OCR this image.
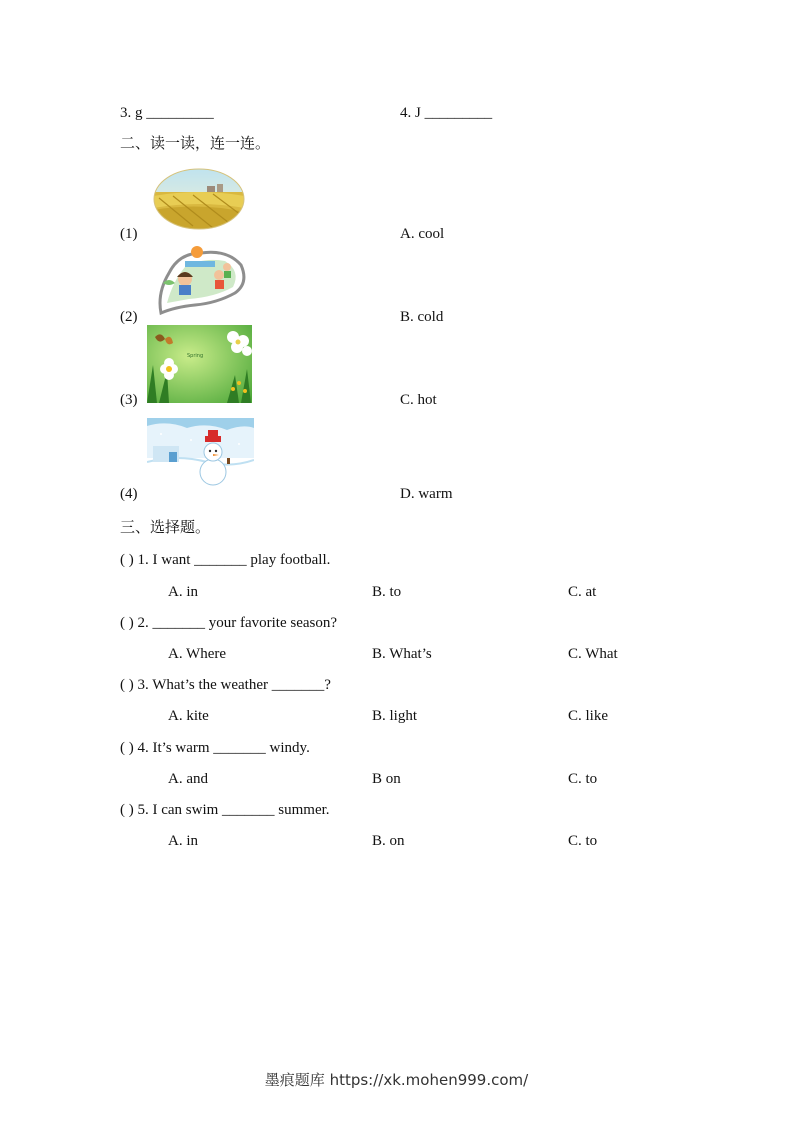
3. g _________	4. J _________
二、读一读，连一连。
(1)	A. cool
(2)	B. cold
Spring
(3)	C. hot
(4)	D. warm
三、选择题。
( ) 1. I want _______ play football.
A. in	B. to	C. at
( ) 2. _______ your favorite season?
A. Where	B. What’s	C. What
( ) 3. What’s the weather _______?
A. kite	B. light	C. like
( ) 4. It’s warm _______ windy.
A. and	B on	C. to
( ) 5. I can swim _______ summer.
A. in	B. on	C. to
墨痕题库 https://xk.mohen999.com/
